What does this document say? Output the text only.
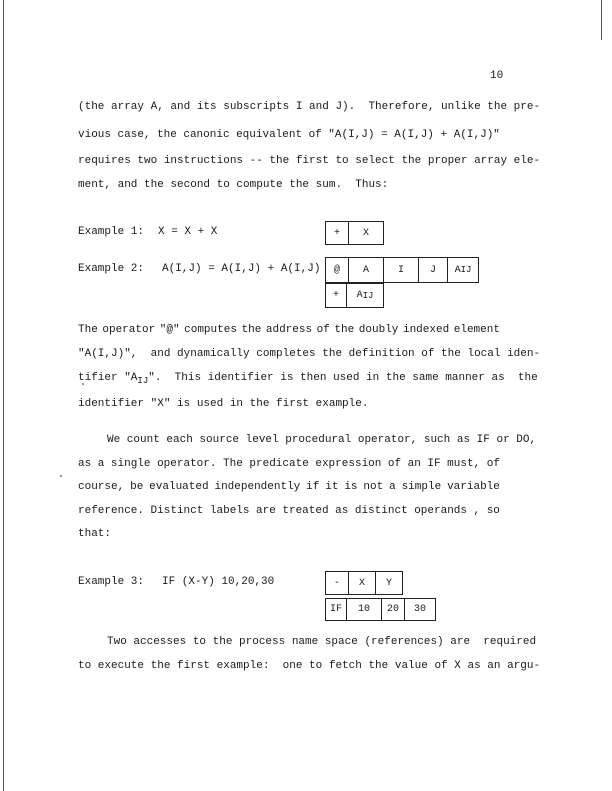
10
(the array A, and its subscripts I and J).  Therefore, unlike the pre-
vious case, the canonic equivalent of "A(I,J) = A(I,J) + A(I,J)"
requires two instructions -- the first to select the proper array ele-
ment, and the second to compute the sum.  Thus:
Example 1: X = X + X	+	X
Example 2: A(I,J) = A(I,J) + A(I,J)	@	A	I	J	A IJ
+	A IJ
The operator "@" computes the address of the doubly indexed element
"A(I,J)",  and dynamically completes the definition of the local iden-
tifier "$A_{IJ}$".  This identifier is then used in the same manner as  the
identifier "X" is used in the first example.
We count each source level procedural operator, such as IF or DO,
as a single operator. The predicate expression of an IF must, of
course, be evaluated independently if it is not a simple variable
reference. Distinct labels are treated as distinct operands , so
that:
Example 3: IF (X-Y) 10,20,30	-	X	Y
IF	10	20	30
Two accesses to the process name space (references) are  required
to execute the first example:  one to fetch the value of X as an argu-
